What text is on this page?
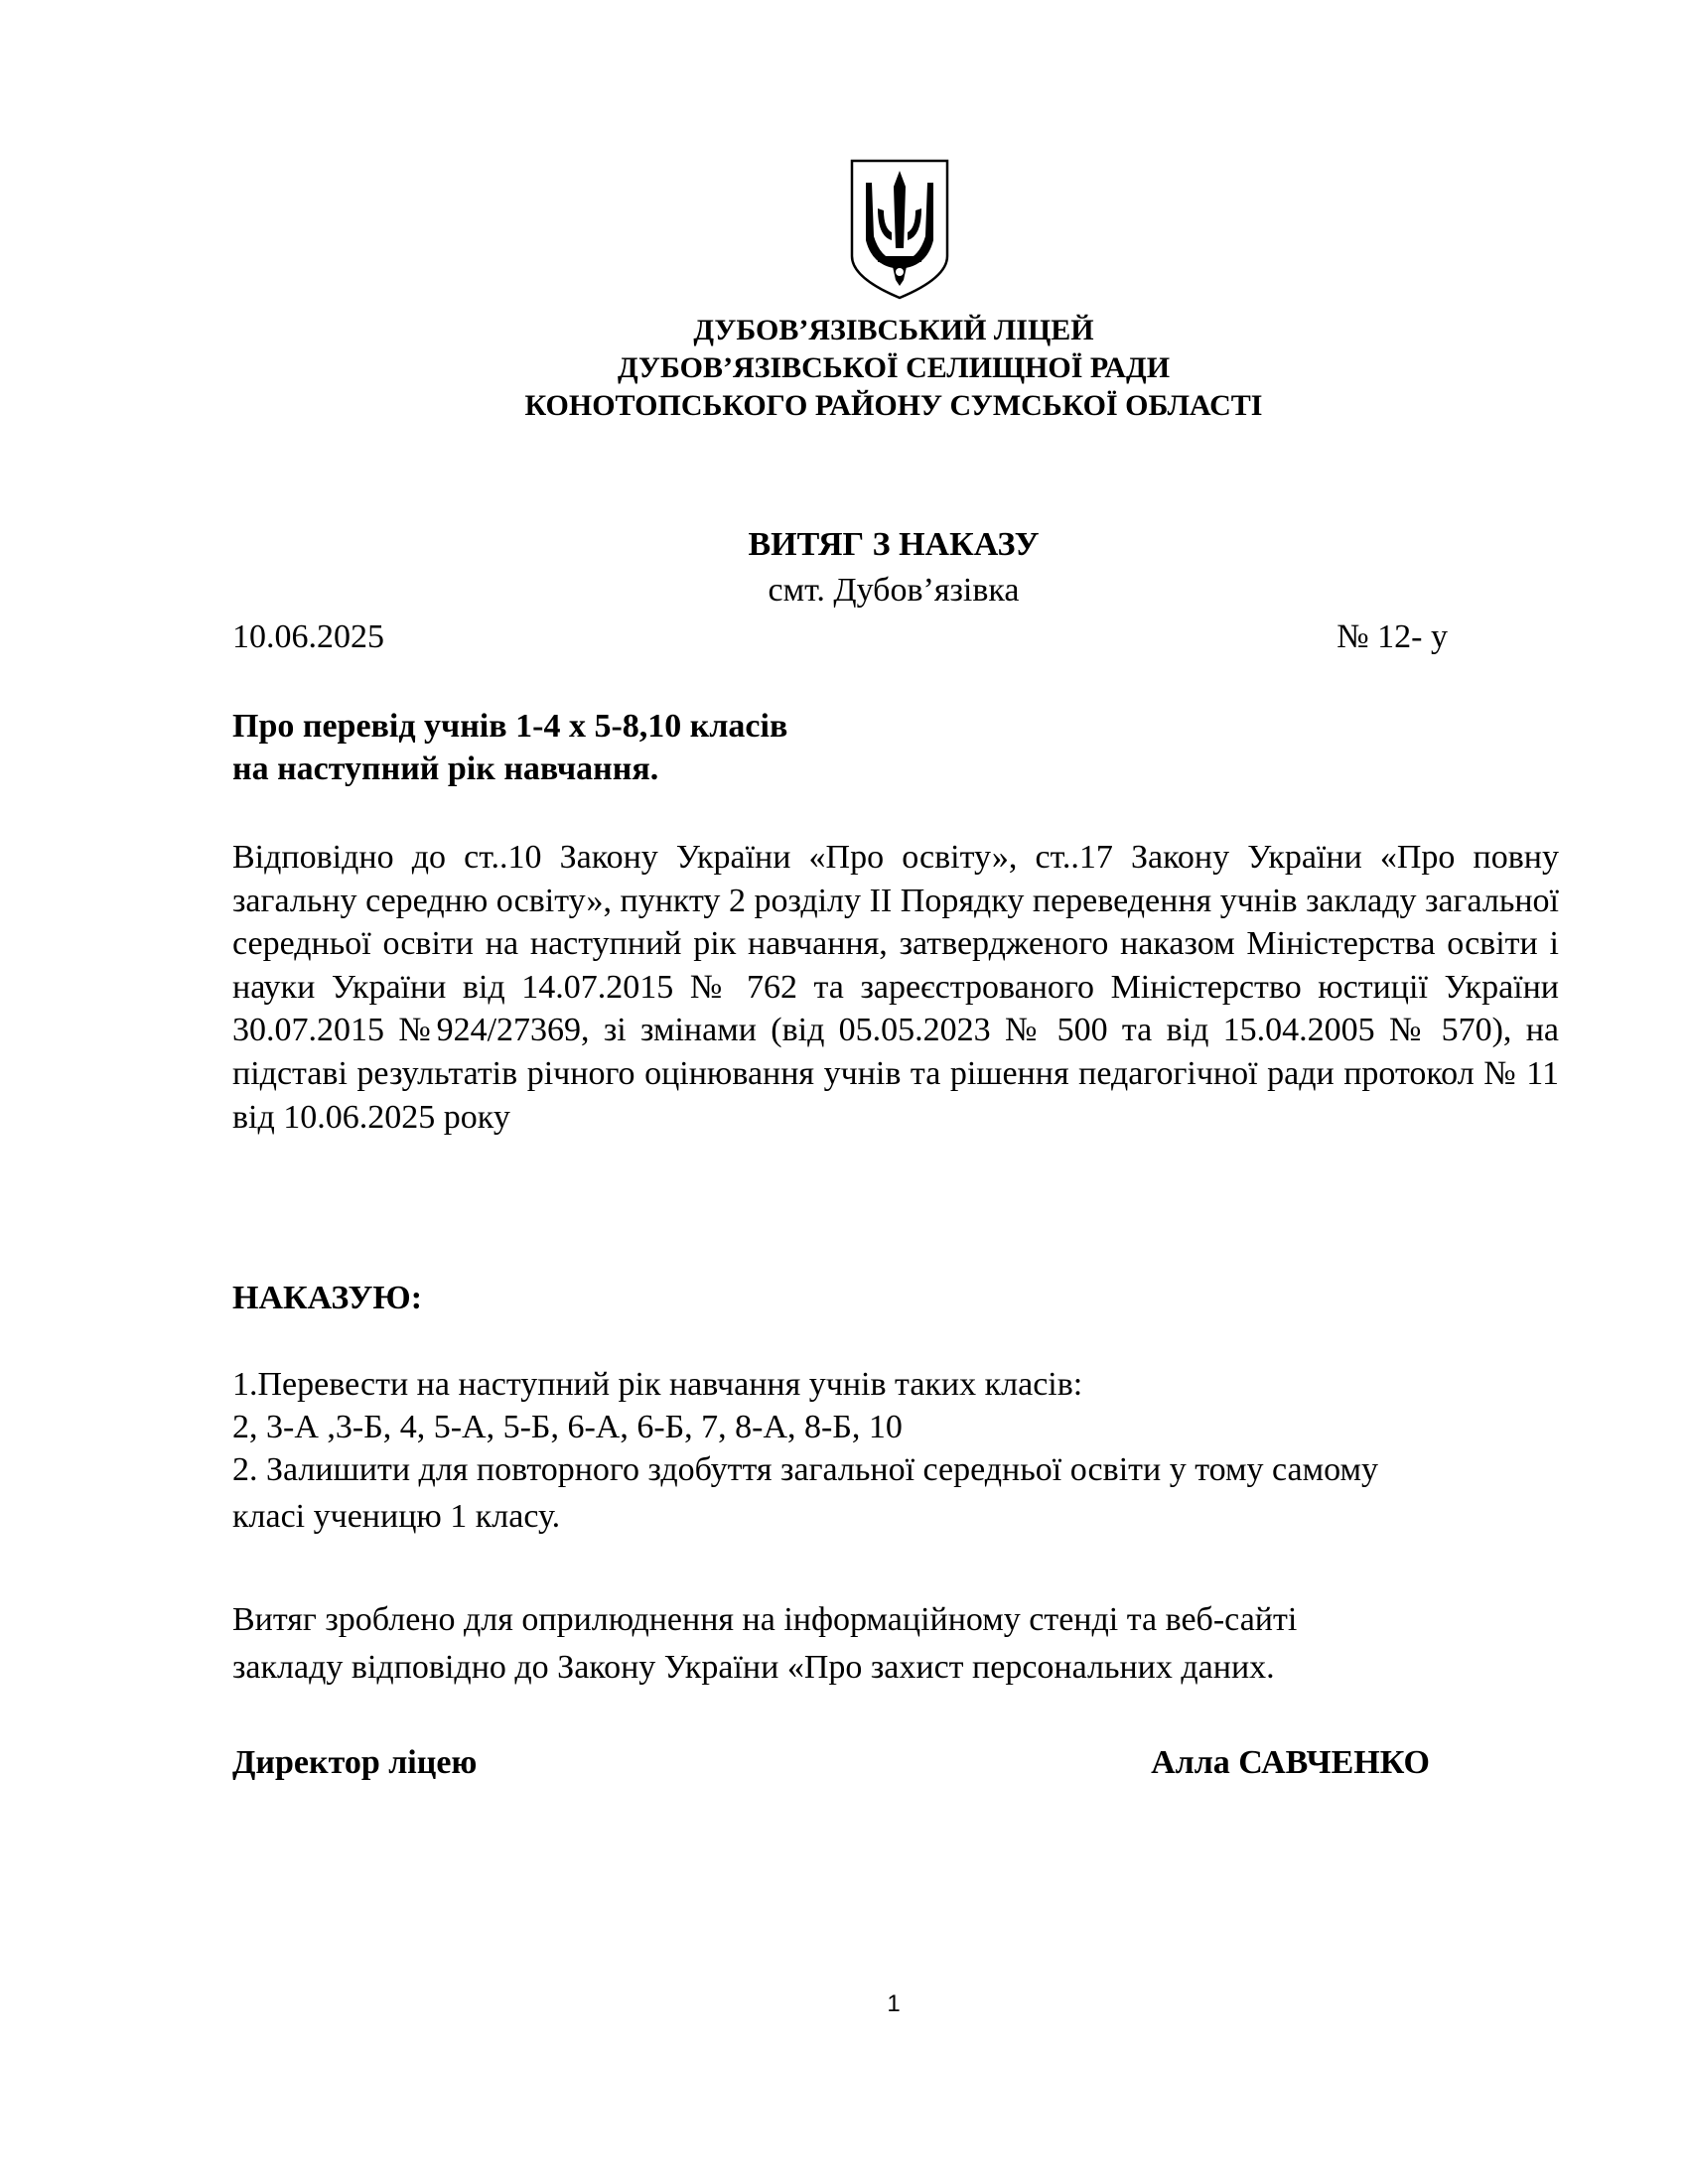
ДУБОВ’ЯЗІВСЬКИЙ ЛІЦЕЙ
ДУБОВ’ЯЗІВСЬКОЇ СЕЛИЩНОЇ РАДИ
КОНОТОПСЬКОГО РАЙОНУ СУМСЬКОЇ ОБЛАСТІ
ВИТЯГ З НАКАЗУ
смт. Дубов’язівка
10.06.2025	№ 12- у
Про перевід учнів 1-4 х 5-8,10 класів
на наступний рік навчання.
Відповідно до ст..10 Закону України «Про освіту», ст..17 Закону України «Про повну загальну середню освіту», пункту 2 розділу ІІ Порядку переведення учнів закладу загальної середньої освіти на наступний рік навчання, затвердженого наказом Міністерства освіти і науки України від 14.07.2015 № 762 та зареєстрованого Міністерство юстиції України 30.07.2015 №924/27369, зі змінами (від 05.05.2023 № 500 та від 15.04.2005 № 570), на підставі результатів річного оцінювання учнів та рішення педагогічної ради протокол № 11 від 10.06.2025 року
НАКАЗУЮ:
1.Перевести на наступний рік навчання учнів таких класів:
2, 3-А ,3-Б, 4, 5-А, 5-Б, 6-А, 6-Б, 7, 8-А, 8-Б, 10
2. Залишити для повторного здобуття загальної середньої освіти у тому самому
класі ученицю 1 класу.
Витяг зроблено для оприлюднення на інформаційному стенді та веб-сайті
закладу відповідно до Закону України «Про захист персональних даних.
Директор ліцею	Алла САВЧЕНКО
1
